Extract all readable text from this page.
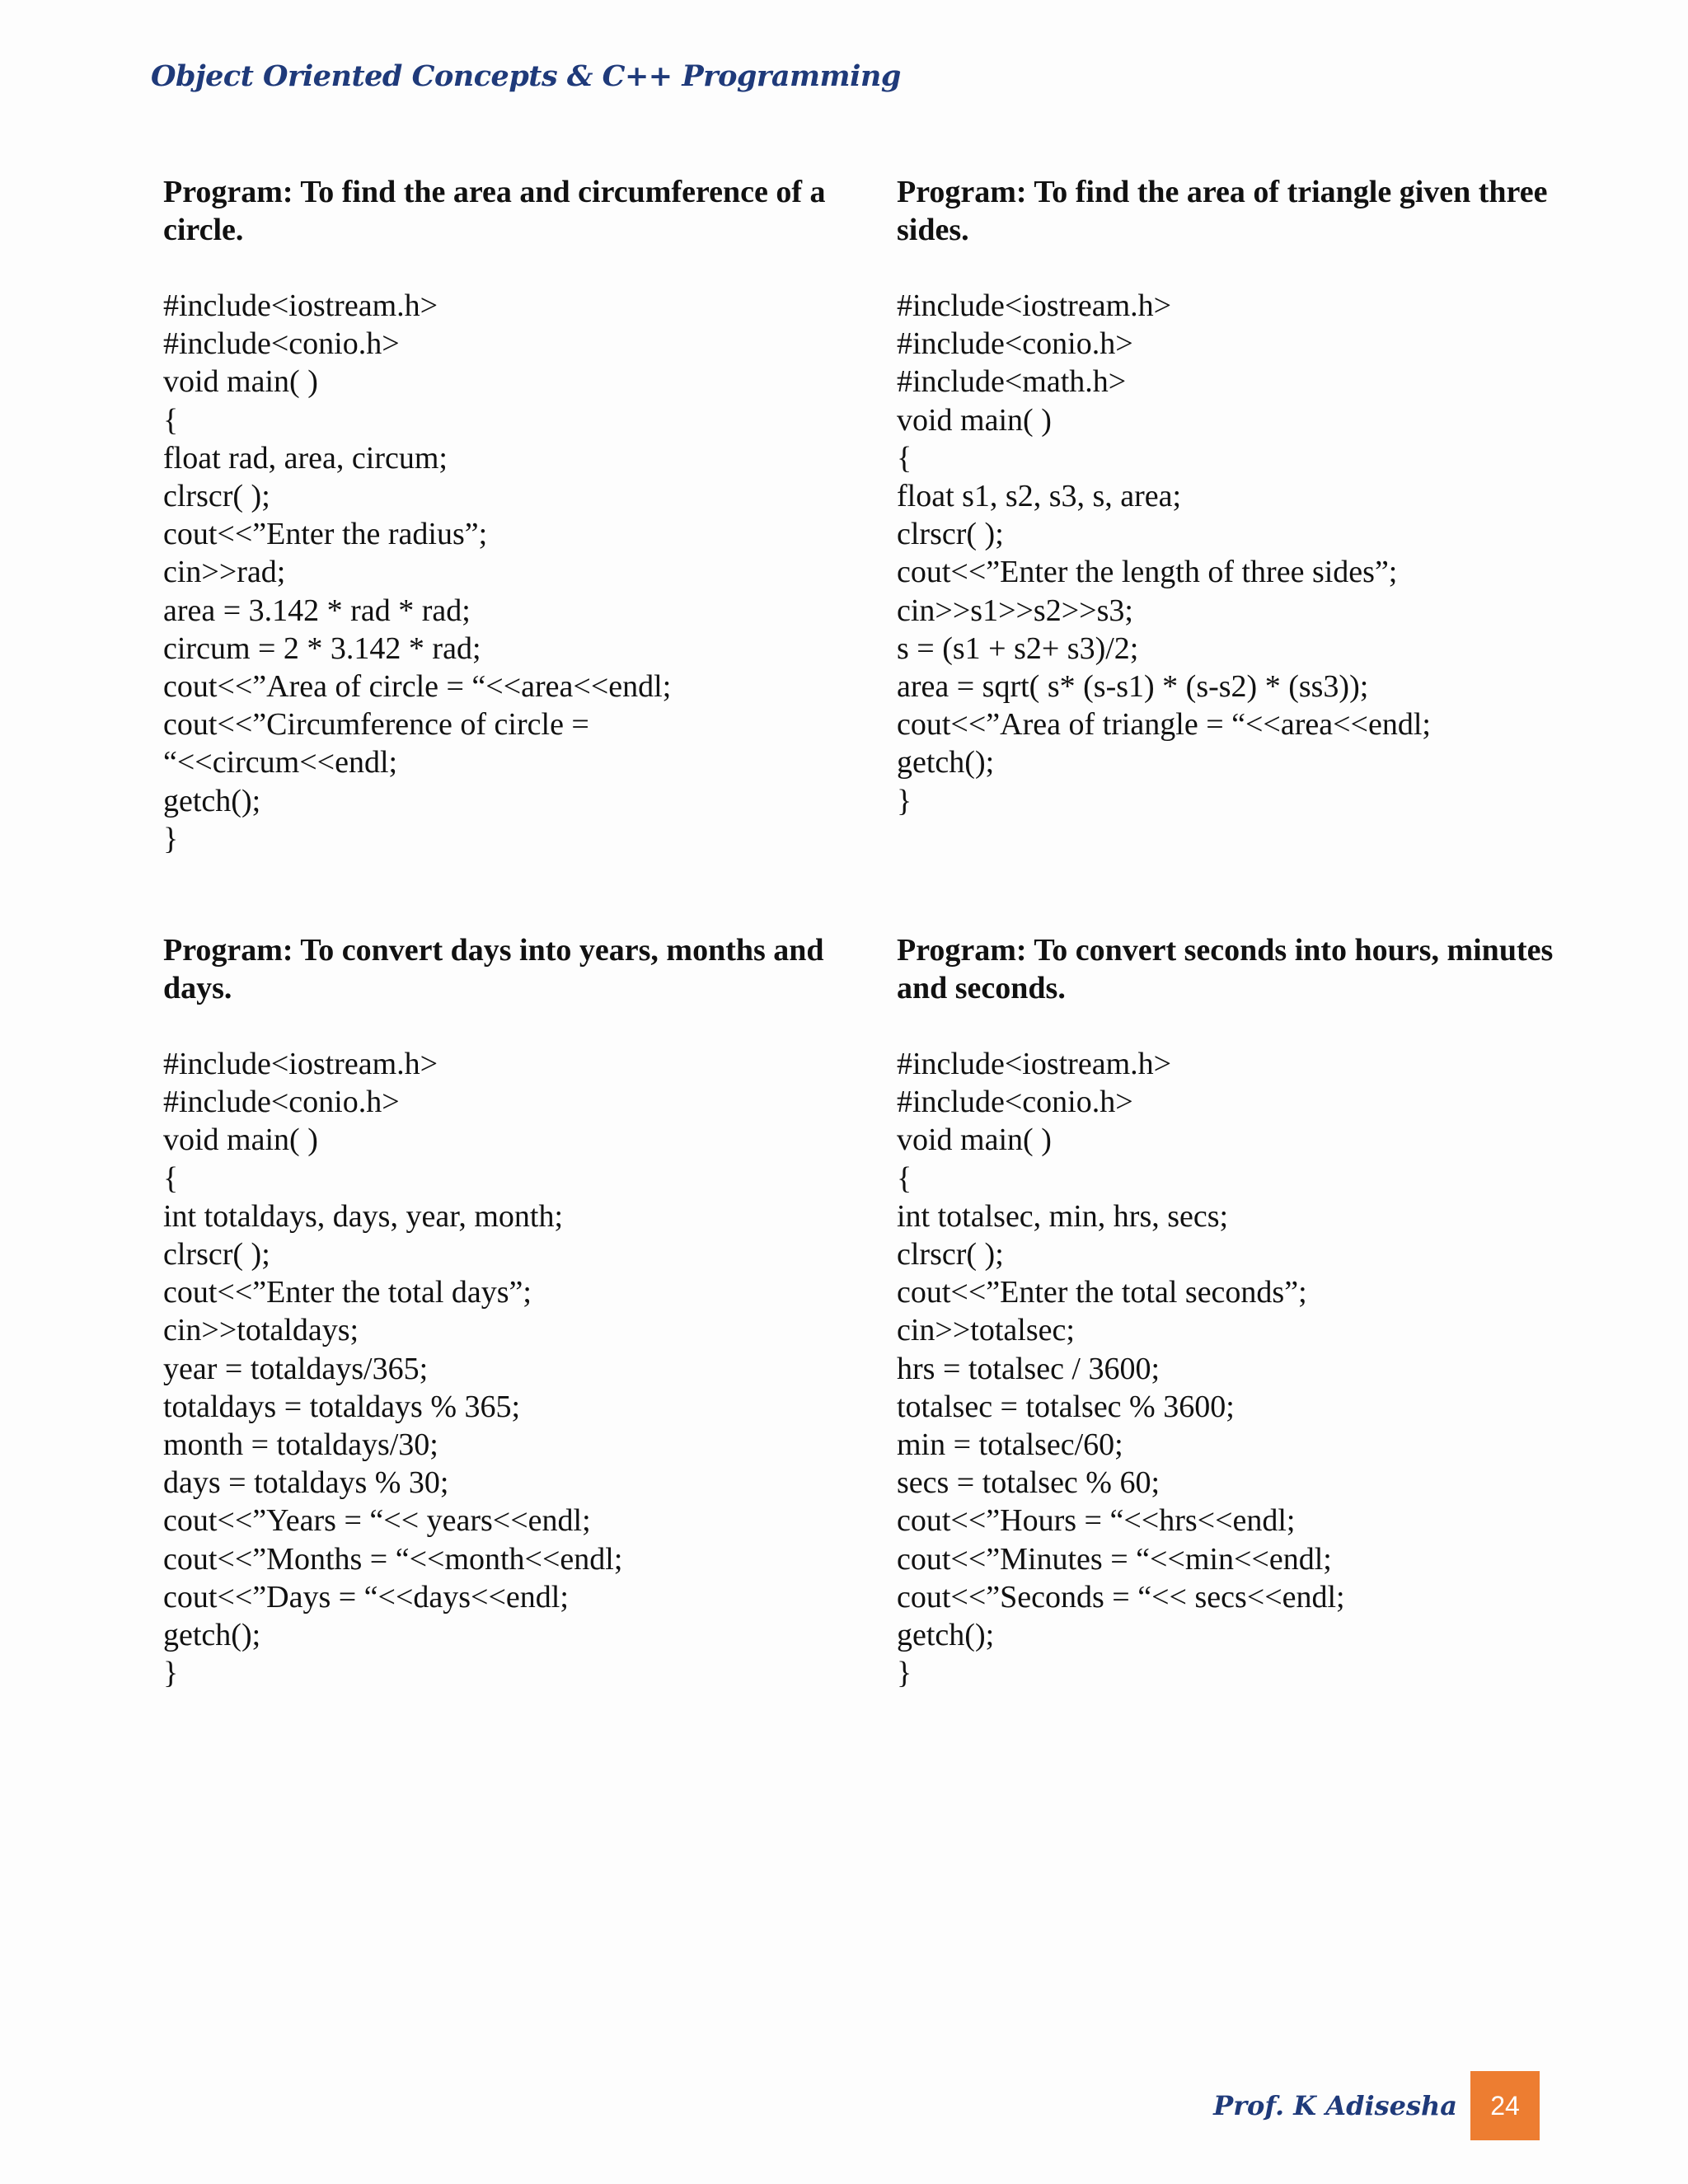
Object Oriented Concepts & C++ Programming
Program: To find the area and circumference of a circle.
#include<iostream.h>
#include<conio.h>
void main( )
{
float rad, area, circum;
clrscr( );
cout<<”Enter the radius”;
cin>>rad;
area = 3.142 * rad * rad;
circum = 2 * 3.142 * rad;
cout<<”Area of circle = “<<area<<endl;
cout<<”Circumference of circle =
“<<circum<<endl;
getch();
}
Program: To find the area of triangle given three sides.
#include<iostream.h>
#include<conio.h>
#include<math.h>
void main( )
{
float s1, s2, s3, s, area;
clrscr( );
cout<<”Enter the length of three sides”;
cin>>s1>>s2>>s3;
s = (s1 + s2+ s3)/2;
area = sqrt( s* (s-s1) * (s-s2) * (ss3));
cout<<”Area of triangle = “<<area<<endl;
getch();
}
Program: To convert days into years, months and days.
#include<iostream.h>
#include<conio.h>
void main( )
{
int totaldays, days, year, month;
clrscr( );
cout<<”Enter the total days”;
cin>>totaldays;
year = totaldays/365;
totaldays = totaldays % 365;
month = totaldays/30;
days = totaldays % 30;
cout<<”Years = “<< years<<endl;
cout<<”Months = “<<month<<endl;
cout<<”Days = “<<days<<endl;
getch();
}
Program: To convert seconds into hours, minutes and seconds.
#include<iostream.h>
#include<conio.h>
void main( )
{
int totalsec, min, hrs, secs;
clrscr( );
cout<<”Enter the total seconds”;
cin>>totalsec;
hrs = totalsec / 3600;
totalsec = totalsec % 3600;
min = totalsec/60;
secs = totalsec % 60;
cout<<”Hours = “<<hrs<<endl;
cout<<”Minutes = “<<min<<endl;
cout<<”Seconds = “<< secs<<endl;
getch();
}
Prof. K Adisesha	24
